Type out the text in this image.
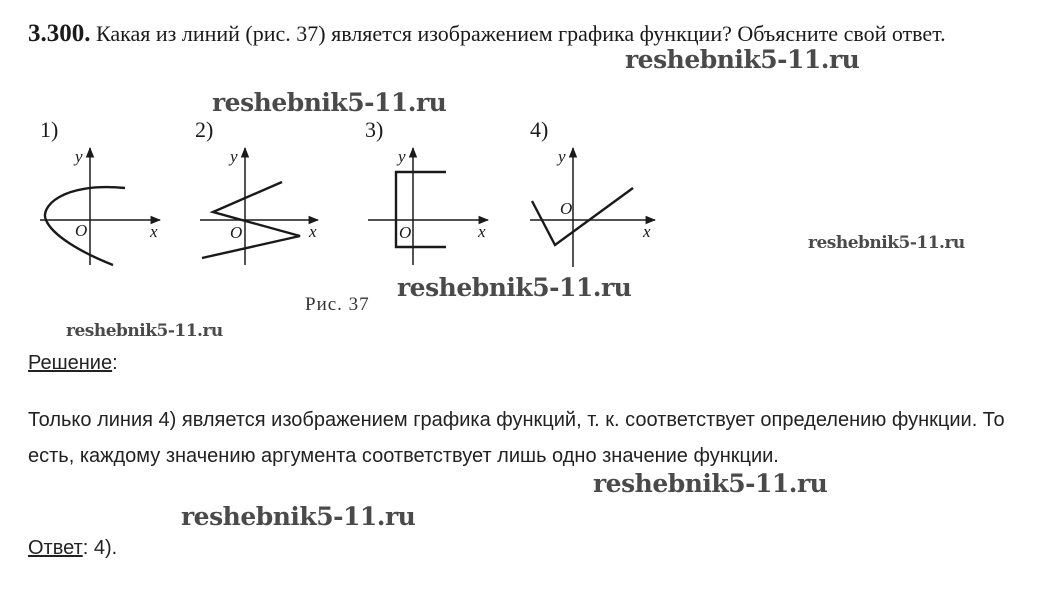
3.300. Какая из линий (рис. 37) является изображением графика функции? Объясните свой ответ.
1)
y
x
O
2)
y
x
O
3)
y
x
O
4)
y
x
O
Рис. 37
reshebnik5-11.ru
reshebnik5-11.ru
reshebnik5-11.ru
reshebnik5-11.ru
reshebnik5-11.ru
reshebnik5-11.ru
reshebnik5-11.ru
Решение:
Только линия 4) является изображением графика функций, т. к. соответствует определению функции. То есть, каждому значению аргумента соответствует лишь одно значение функции.
Ответ: 4).
